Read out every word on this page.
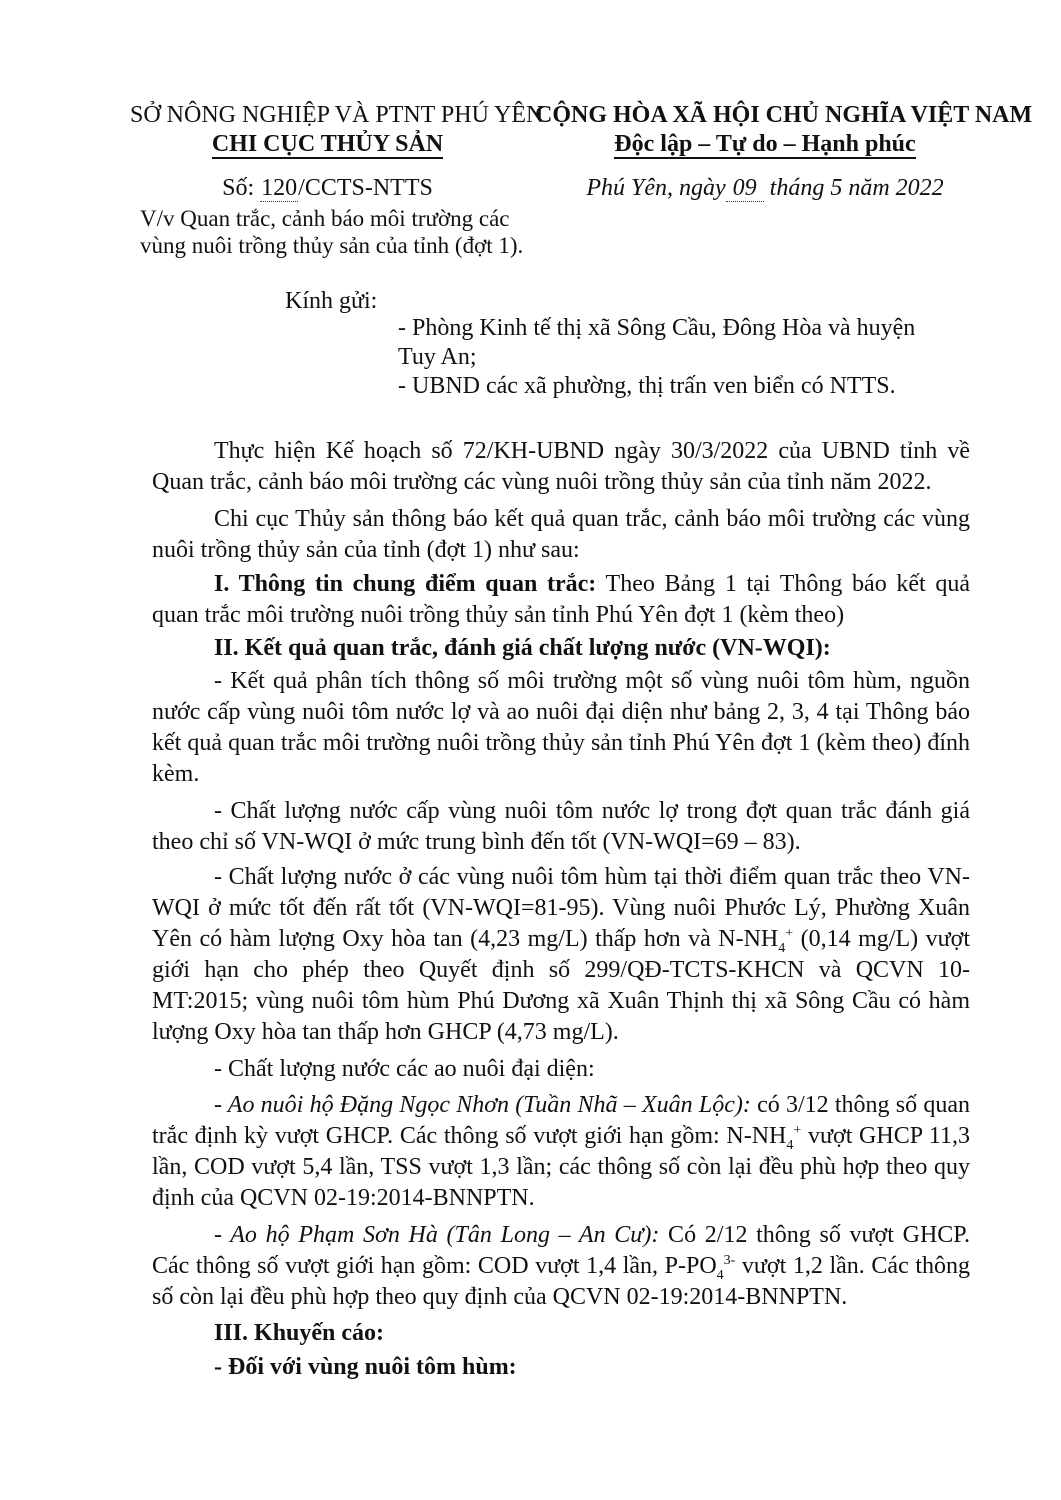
SỞ NÔNG NGHIỆP VÀ PTNT PHÚ YÊN
CHI CỤC THỦY SẢN
Số: 120/CCTS-NTTS
CỘNG HÒA XÃ HỘI CHỦ NGHĨA VIỆT NAM
Độc lập – Tự do – Hạnh phúc
Phú Yên, ngày 09 tháng 5 năm 2022
V/v Quan trắc, cảnh báo môi trường các
vùng nuôi trồng thủy sản của tỉnh (đợt 1).
Kính gửi:
- Phòng Kinh tế thị xã Sông Cầu, Đông Hòa và huyện
Tuy An;
- UBND các xã phường, thị trấn ven biển có NTTS.
Thực hiện Kế hoạch số 72/KH-UBND ngày 30/3/2022 của UBND tỉnh về Quan trắc, cảnh báo môi trường các vùng nuôi trồng thủy sản của tỉnh năm 2022.
Chi cục Thủy sản thông báo kết quả quan trắc, cảnh báo môi trường các vùng nuôi trồng thủy sản của tỉnh (đợt 1) như sau:
I. Thông tin chung điểm quan trắc: Theo Bảng 1 tại Thông báo kết quả quan trắc môi trường nuôi trồng thủy sản tỉnh Phú Yên đợt 1 (kèm theo)
II. Kết quả quan trắc, đánh giá chất lượng nước (VN-WQI):
- Kết quả phân tích thông số môi trường một số vùng nuôi tôm hùm, nguồn nước cấp vùng nuôi tôm nước lợ và ao nuôi đại diện như bảng 2, 3, 4 tại Thông báo kết quả quan trắc môi trường nuôi trồng thủy sản tỉnh Phú Yên đợt 1 (kèm theo) đính kèm.
- Chất lượng nước cấp vùng nuôi tôm nước lợ trong đợt quan trắc đánh giá theo chỉ số VN-WQI ở mức trung bình đến tốt (VN-WQI=69 – 83).
- Chất lượng nước ở các vùng nuôi tôm hùm tại thời điểm quan trắc theo VN-WQI ở mức tốt đến rất tốt (VN-WQI=81-95). Vùng nuôi Phước Lý, Phường Xuân Yên có hàm lượng Oxy hòa tan (4,23 mg/L) thấp hơn và $N-NH_4^+$ (0,14 mg/L) vượt giới hạn cho phép theo Quyết định số 299/QĐ-TCTS-KHCN và QCVN 10-MT:2015; vùng nuôi tôm hùm Phú Dương xã Xuân Thịnh thị xã Sông Cầu có hàm lượng Oxy hòa tan thấp hơn GHCP (4,73 mg/L).
- Chất lượng nước các ao nuôi đại diện:
- Ao nuôi hộ Đặng Ngọc Nhơn (Tuần Nhã – Xuân Lộc): có 3/12 thông số quan trắc định kỳ vượt GHCP. Các thông số vượt giới hạn gồm: $N-NH_4^+$ vượt GHCP 11,3 lần, COD vượt 5,4 lần, TSS vượt 1,3 lần; các thông số còn lại đều phù hợp theo quy định của QCVN 02-19:2014-BNNPTN.
- Ao hộ Phạm Sơn Hà (Tân Long – An Cư): Có 2/12 thông số vượt GHCP. Các thông số vượt giới hạn gồm: COD vượt 1,4 lần, $P-PO_4^{3-}$ vượt 1,2 lần. Các thông số còn lại đều phù hợp theo quy định của QCVN 02-19:2014-BNNPTN.
III. Khuyến cáo:
- Đối với vùng nuôi tôm hùm:
